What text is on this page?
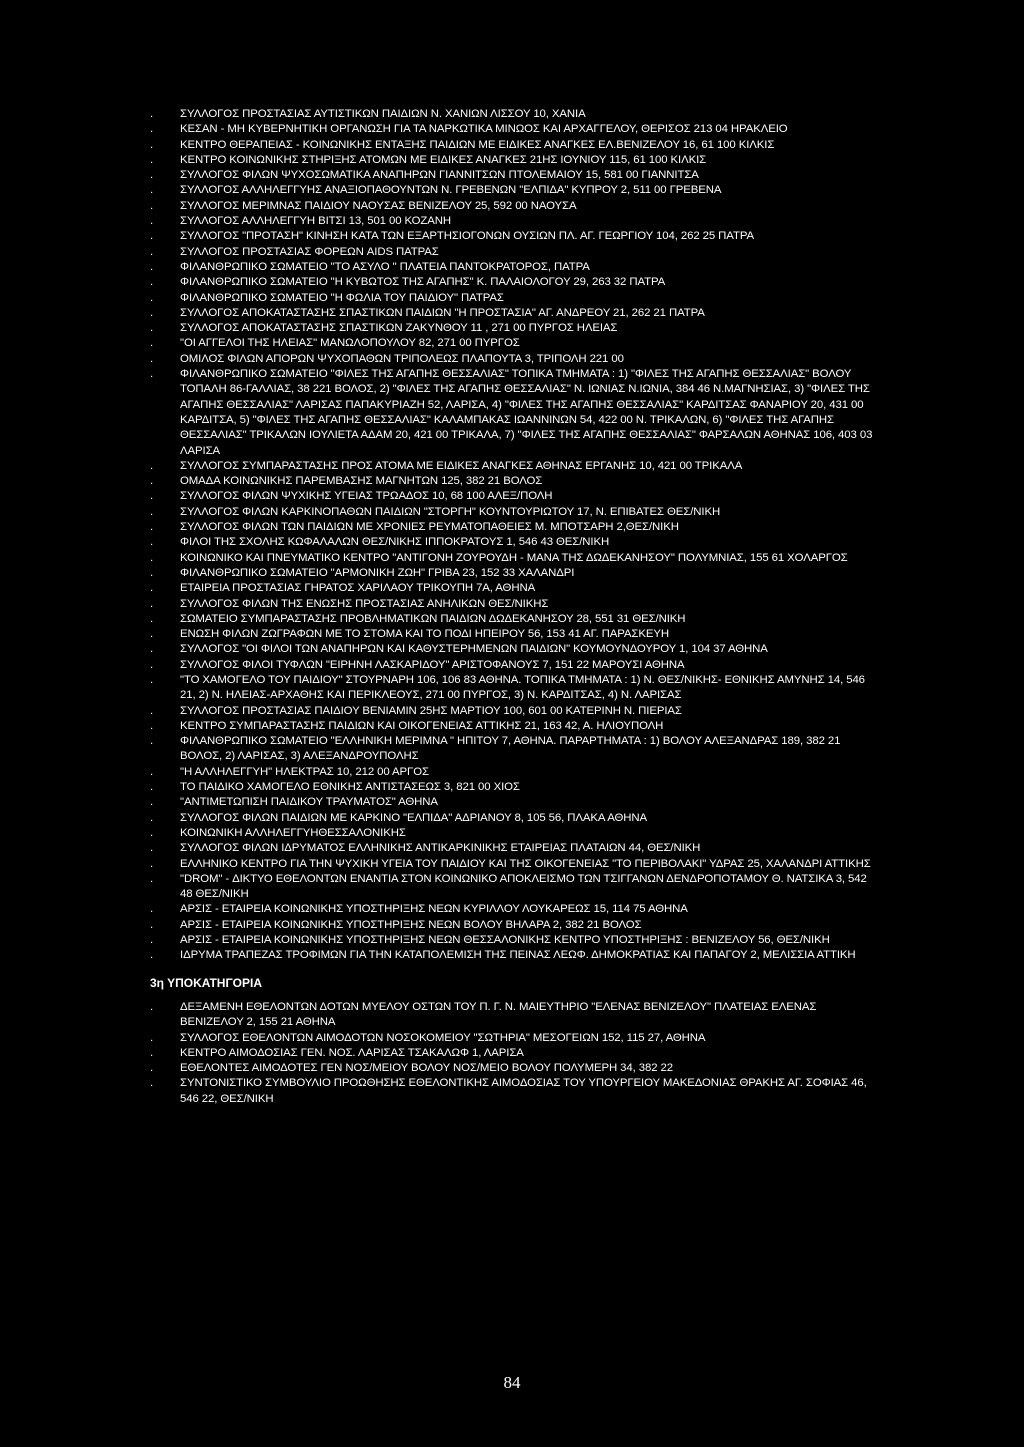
.	ΣΥΛΛΟΓΟΣ ΠΡΟΣΤΑΣΙΑΣ ΑΥΤΙΣΤΙΚΩΝ ΠΑΙΔΙΩΝ Ν. ΧΑΝΙΩΝ ΛΙΣΣΟΥ 10, ΧΑΝΙΑ
.	ΚΕΣΑΝ - ΜΗ ΚΥΒΕΡΝΗΤΙΚΗ ΟΡΓΑΝΩΣΗ ΓΙΑ ΤΑ ΝΑΡΚΩΤΙΚΑ ΜΙΝΩΟΣ ΚΑΙ ΑΡΧΑΓΓΕΛΟΥ, ΘΕΡΙΣΟΣ 213 04 ΗΡΑΚΛΕΙΟ
.	ΚΕΝΤΡΟ ΘΕΡΑΠΕΙΑΣ - ΚΟΙΝΩΝΙΚΗΣ ΕΝΤΑΞΗΣ ΠΑΙΔΙΩΝ ΜΕ ΕΙΔΙΚΕΣ ΑΝΑΓΚΕΣ ΕΛ.ΒΕΝΙΖΕΛΟΥ 16, 61 100 ΚΙΛΚΙΣ
.	ΚΕΝΤΡΟ ΚΟΙΝΩΝΙΚΗΣ ΣΤΗΡΙΞΗΣ ΑΤΟΜΩΝ ΜΕ ΕΙΔΙΚΕΣ ΑΝΑΓΚΕΣ 21ΗΣ ΙΟΥΝΙΟΥ 115, 61 100 ΚΙΛΚΙΣ
.	ΣΥΛΛΟΓΟΣ ΦΙΛΩΝ ΨΥΧΟΣΩΜΑΤΙΚΑ ΑΝΑΠΗΡΩΝ ΓΙΑΝΝΙΤΣΩΝ ΠΤΟΛΕΜΑΙΟΥ 15, 581 00 ΓΙΑΝΝΙΤΣΑ
.	ΣΥΛΛΟΓΟΣ ΑΛΛΗΛΕΓΓΥΗΣ ΑΝΑΞΙΟΠΑΘΟΥΝΤΩΝ Ν. ΓΡΕΒΕΝΩΝ "ΕΛΠΙΔΑ" ΚΥΠΡΟΥ 2, 511 00 ΓΡΕΒΕΝΑ
.	ΣΥΛΛΟΓΟΣ ΜΕΡΙΜΝΑΣ ΠΑΙΔΙΟΥ ΝΑΟΥΣΑΣ ΒΕΝΙΖΕΛΟΥ 25, 592 00 ΝΑΟΥΣΑ
.	ΣΥΛΛΟΓΟΣ ΑΛΛΗΛΕΓΓΥΗ ΒΙΤΣΙ 13, 501 00 ΚΟΖΑΝΗ
.	ΣΥΛΛΟΓΟΣ "ΠΡΟΤΑΣΗ" ΚΙΝΗΣΗ ΚΑΤΑ ΤΩΝ ΕΞΑΡΤΗΣΙΟΓΟΝΩΝ ΟΥΣΙΩΝ ΠΛ. ΑΓ. ΓΕΩΡΓΙΟΥ 104, 262 25 ΠΑΤΡΑ
.	ΣΥΛΛΟΓΟΣ ΠΡΟΣΤΑΣΙΑΣ ΦΟΡΕΩΝ AIDS ΠΑΤΡΑΣ
.	ΦΙΛΑΝΘΡΩΠΙΚΟ ΣΩΜΑΤΕΙΟ "ΤΟ ΑΣΥΛΟ " ΠΛΑΤΕΙΑ ΠΑΝΤΟΚΡΑΤΟΡΟΣ, ΠΑΤΡΑ
.	ΦΙΛΑΝΘΡΩΠΙΚΟ ΣΩΜΑΤΕΙΟ "Η ΚΥΒΩΤΟΣ ΤΗΣ ΑΓΑΠΗΣ" Κ. ΠΑΛΑΙΟΛΟΓΟΥ 29, 263 32 ΠΑΤΡΑ
.	ΦΙΛΑΝΘΡΩΠΙΚΟ ΣΩΜΑΤΕΙΟ "Η ΦΩΛΙΑ ΤΟΥ ΠΑΙΔΙΟΥ" ΠΑΤΡΑΣ
.	ΣΥΛΛΟΓΟΣ ΑΠΟΚΑΤΑΣΤΑΣΗΣ ΣΠΑΣΤΙΚΩΝ ΠΑΙΔΙΩΝ "Η ΠΡΟΣΤΑΣΙΑ" ΑΓ. ΑΝΔΡΕΟΥ 21, 262 21 ΠΑΤΡΑ
.	ΣΥΛΛΟΓΟΣ ΑΠΟΚΑΤΑΣΤΑΣΗΣ ΣΠΑΣΤΙΚΩΝ ΖΑΚΥΝΘΟΥ 11 , 271 00 ΠΥΡΓΟΣ ΗΛΕΙΑΣ
.	"ΟΙ ΑΓΓΕΛΟΙ ΤΗΣ ΗΛΕΙΑΣ" ΜΑΝΩΛΟΠΟΥΛΟΥ 82, 271 00 ΠΥΡΓΟΣ
.	ΟΜΙΛΟΣ ΦΙΛΩΝ ΑΠΟΡΩΝ ΨΥΧΟΠΑΘΩΝ ΤΡΙΠΟΛΕΩΣ ΠΛΑΠΟΥΤΑ 3, ΤΡΙΠΟΛΗ 221 00
.	ΦΙΛΑΝΘΡΩΠΙΚΟ ΣΩΜΑΤΕΙΟ "ΦΙΛΕΣ ΤΗΣ ΑΓΑΠΗΣ ΘΕΣΣΑΛΙΑΣ" ΤΟΠΙΚΑ ΤΜΗΜΑΤΑ : 1) "ΦΙΛΕΣ ΤΗΣ ΑΓΑΠΗΣ ΘΕΣΣΑΛΙΑΣ" ΒΟΛΟΥ ΤΟΠΑΛΗ 86-ΓΑΛΛΙΑΣ, 38 221 ΒΟΛΟΣ, 2) "ΦΙΛΕΣ ΤΗΣ ΑΓΑΠΗΣ ΘΕΣΣΑΛΙΑΣ" Ν. ΙΩΝΙΑΣ Ν.ΙΩΝΙΑ, 384 46 Ν.ΜΑΓΝΗΣΙΑΣ, 3) "ΦΙΛΕΣ ΤΗΣ ΑΓΑΠΗΣ ΘΕΣΣΑΛΙΑΣ" ΛΑΡΙΣΑΣ ΠΑΠΑΚΥΡΙΑΖΗ 52, ΛΑΡΙΣΑ, 4) "ΦΙΛΕΣ ΤΗΣ ΑΓΑΠΗΣ ΘΕΣΣΑΛΙΑΣ" ΚΑΡΔΙΤΣΑΣ ΦΑΝΑΡΙΟΥ 20, 431 00 ΚΑΡΔΙΤΣΑ, 5) "ΦΙΛΕΣ ΤΗΣ ΑΓΑΠΗΣ ΘΕΣΣΑΛΙΑΣ" ΚΑΛΑΜΠΑΚΑΣ ΙΩΑΝΝΙΝΩΝ 54, 422 00 Ν. ΤΡΙΚΑΛΩΝ, 6) "ΦΙΛΕΣ ΤΗΣ ΑΓΑΠΗΣ ΘΕΣΣΑΛΙΑΣ" ΤΡΙΚΑΛΩΝ ΙΟΥΛΙΕΤΑ ΑΔΑΜ 20, 421 00 ΤΡΙΚΑΛΑ, 7) "ΦΙΛΕΣ ΤΗΣ ΑΓΑΠΗΣ ΘΕΣΣΑΛΙΑΣ" ΦΑΡΣΑΛΩΝ ΑΘΗΝΑΣ 106, 403 03 ΛΑΡΙΣΑ
.	ΣΥΛΛΟΓΟΣ ΣΥΜΠΑΡΑΣΤΑΣΗΣ ΠΡΟΣ ΑΤΟΜΑ ΜΕ ΕΙΔΙΚΕΣ ΑΝΑΓΚΕΣ ΑΘΗΝΑΣ ΕΡΓΑΝΗΣ 10, 421 00 ΤΡΙΚΑΛΑ
.	ΟΜΑΔΑ ΚΟΙΝΩΝΙΚΗΣ ΠΑΡΕΜΒΑΣΗΣ ΜΑΓΝΗΤΩΝ 125, 382 21 ΒΟΛΟΣ
.	ΣΥΛΛΟΓΟΣ ΦΙΛΩΝ ΨΥΧΙΚΗΣ ΥΓΕΙΑΣ ΤΡΩΑΔΟΣ 10, 68 100 ΑΛΕΞ/ΠΟΛΗ
.	ΣΥΛΛΟΓΟΣ ΦΙΛΩΝ ΚΑΡΚΙΝΟΠΑΘΩΝ ΠΑΙΔΙΩΝ "ΣΤΟΡΓΗ" ΚΟΥΝΤΟΥΡΙΩΤΟΥ 17, Ν. ΕΠΙΒΑΤΕΣ ΘΕΣ/ΝΙΚΗ
.	ΣΥΛΛΟΓΟΣ ΦΙΛΩΝ ΤΩΝ ΠΑΙΔΙΩΝ ΜΕ ΧΡΟΝΙΕΣ ΡΕΥΜΑΤΟΠΑΘΕΙΕΣ Μ. ΜΠΟΤΣΑΡΗ 2,ΘΕΣ/ΝΙΚΗ
.	ΦΙΛΟΙ ΤΗΣ ΣΧΟΛΗΣ ΚΩΦΑΛΑΛΩΝ ΘΕΣ/ΝΙΚΗΣ ΙΠΠΟΚΡΑΤΟΥΣ 1, 546 43 ΘΕΣ/ΝΙΚΗ
.	ΚΟΙΝΩΝΙΚΟ ΚΑΙ ΠΝΕΥΜΑΤΙΚΟ ΚΕΝΤΡΟ "ΑΝΤΙΓΟΝΗ ΖΟΥΡΟΥΔΗ - ΜΑΝΑ ΤΗΣ ΔΩΔΕΚΑΝΗΣΟΥ" ΠΟΛΥΜΝΙΑΣ, 155 61 ΧΟΛΑΡΓΟΣ
.	ΦΙΛΑΝΘΡΩΠΙΚΟ ΣΩΜΑΤΕΙΟ "ΑΡΜΟΝΙΚΗ ΖΩΗ" ΓΡΙΒΑ 23, 152 33 ΧΑΛΑΝΔΡΙ
.	ΕΤΑΙΡΕΙΑ ΠΡΟΣΤΑΣΙΑΣ ΓΗΡΑΤΟΣ ΧΑΡΙΛΑΟΥ ΤΡΙΚΟΥΠΗ 7Α, ΑΘΗΝΑ
.	ΣΥΛΛΟΓΟΣ ΦΙΛΩΝ ΤΗΣ ΕΝΩΣΗΣ ΠΡΟΣΤΑΣΙΑΣ ΑΝΗΛΙΚΩΝ ΘΕΣ/ΝΙΚΗΣ
.	ΣΩΜΑΤΕΙΟ ΣΥΜΠΑΡΑΣΤΑΣΗΣ ΠΡΟΒΛΗΜΑΤΙΚΩΝ ΠΑΙΔΙΩΝ ΔΩΔΕΚΑΝΗΣΟΥ 28, 551 31 ΘΕΣ/ΝΙΚΗ
.	ΕΝΩΣΗ ΦΙΛΩΝ ΖΩΓΡΑΦΩΝ ΜΕ ΤΟ ΣΤΟΜΑ ΚΑΙ ΤΟ ΠΟΔΙ ΗΠΕΙΡΟΥ 56, 153 41 ΑΓ. ΠΑΡΑΣΚΕΥΗ
.	ΣΥΛΛΟΓΟΣ "ΟΙ ΦΙΛΟΙ ΤΩΝ ΑΝΑΠΗΡΩΝ ΚΑΙ ΚΑΘΥΣΤΕΡΗΜΕΝΩΝ ΠΑΙΔΙΩΝ" ΚΟΥΜΟΥΝΔΟΥΡΟΥ 1, 104 37 ΑΘΗΝΑ
.	ΣΥΛΛΟΓΟΣ ΦΙΛΟΙ ΤΥΦΛΩΝ "ΕΙΡΗΝΗ ΛΑΣΚΑΡΙΔΟΥ" ΑΡΙΣΤΟΦΑΝΟΥΣ 7, 151 22 ΜΑΡΟΥΣΙ ΑΘΗΝΑ
.	"ΤΟ ΧΑΜΟΓΕΛΟ ΤΟΥ ΠΑΙΔΙΟΥ" ΣΤΟΥΡΝΑΡΗ 106, 106 83 ΑΘΗΝΑ. ΤΟΠΙΚΑ ΤΜΗΜΑΤΑ : 1) Ν. ΘΕΣ/ΝΙΚΗΣ- ΕΘΝΙΚΗΣ ΑΜΥΝΗΣ 14, 546 21, 2) Ν. ΗΛΕΙΑΣ-ΑΡΧΑΘΗΣ ΚΑΙ ΠΕΡΙΚΛΕΟΥΣ, 271 00 ΠΥΡΓΟΣ, 3) Ν. ΚΑΡΔΙΤΣΑΣ, 4) Ν. ΛΑΡΙΣΑΣ
.	ΣΥΛΛΟΓΟΣ ΠΡΟΣΤΑΣΙΑΣ ΠΑΙΔΙΟΥ ΒΕΝΙΑΜΙΝ 25ΗΣ ΜΑΡΤΙΟΥ 100, 601 00 ΚΑΤΕΡΙΝΗ Ν. ΠΙΕΡΙΑΣ
.	ΚΕΝΤΡΟ ΣΥΜΠΑΡΑΣΤΑΣΗΣ ΠΑΙΔΙΩΝ ΚΑΙ ΟΙΚΟΓΕΝΕΙΑΣ ΑΤΤΙΚΗΣ 21, 163 42, Α. ΗΛΙΟΥΠΟΛΗ
.	ΦΙΛΑΝΘΡΩΠΙΚΟ ΣΩΜΑΤΕΙΟ "ΕΛΛΗΝΙΚΗ ΜΕΡΙΜΝΑ " ΗΠΙΤΟΥ 7, ΑΘΗΝΑ. ΠΑΡΑΡΤΗΜΑΤΑ : 1) ΒΟΛΟΥ ΑΛΕΞΑΝΔΡΑΣ 189, 382 21 ΒΟΛΟΣ, 2) ΛΑΡΙΣΑΣ, 3) ΑΛΕΞΑΝΔΡΟΥΠΟΛΗΣ
.	"Η ΑΛΛΗΛΕΓΓΥΗ" ΗΛΕΚΤΡΑΣ 10, 212 00 ΑΡΓΟΣ
.	ΤΟ ΠΑΙΔΙΚΟ ΧΑΜΟΓΕΛΟ ΕΘΝΙΚΗΣ ΑΝΤΙΣΤΑΣΕΩΣ 3, 821 00 ΧΙΟΣ
.	"ΑΝΤΙΜΕΤΩΠΙΣΗ ΠΑΙΔΙΚΟΥ ΤΡΑΥΜΑΤΟΣ" ΑΘΗΝΑ
.	ΣΥΛΛΟΓΟΣ ΦΙΛΩΝ ΠΑΙΔΙΩΝ ΜΕ ΚΑΡΚΙΝΟ "ΕΛΠΙΔΑ" ΑΔΡΙΑΝΟΥ 8, 105 56, ΠΛΑΚΑ ΑΘΗΝΑ
.	ΚΟΙΝΩΝΙΚΗ ΑΛΛΗΛΕΓΓΥΗΘΕΣΣΑΛΟΝΙΚΗΣ
.	ΣΥΛΛΟΓΟΣ ΦΙΛΩΝ ΙΔΡΥΜΑΤΟΣ ΕΛΛΗΝΙΚΗΣ ΑΝΤΙΚΑΡΚΙΝΙΚΗΣ ΕΤΑΙΡΕΙΑΣ ΠΛΑΤΑΙΩΝ 44, ΘΕΣ/ΝΙΚΗ
.	ΕΛΛΗΝΙΚΟ ΚΕΝΤΡΟ ΓΙΑ ΤΗΝ ΨΥΧΙΚΗ ΥΓΕΙΑ ΤΟΥ ΠΑΙΔΙΟΥ ΚΑΙ ΤΗΣ ΟΙΚΟΓΕΝΕΙΑΣ "ΤΟ ΠΕΡΙΒΟΛΑΚΙ" ΥΔΡΑΣ 25, ΧΑΛΑΝΔΡΙ ΑΤΤΙΚΗΣ
.	"DROM" - ΔΙΚΤΥΟ ΕΘΕΛΟΝΤΩΝ ΕΝΑΝΤΙΑ ΣΤΟΝ ΚΟΙΝΩΝΙΚΟ ΑΠΟΚΛΕΙΣΜΟ ΤΩΝ ΤΣΙΓΓΑΝΩΝ ΔΕΝΔΡΟΠΟΤΑΜΟΥ Θ. ΝΑΤΣΙΚΑ 3, 542 48 ΘΕΣ/ΝΙΚΗ
.	ΑΡΣΙΣ - ΕΤΑΙΡΕΙΑ ΚΟΙΝΩΝΙΚΗΣ ΥΠΟΣΤΗΡΙΞΗΣ ΝΕΩΝ ΚΥΡΙΛΛΟΥ ΛΟΥΚΑΡΕΩΣ 15, 114 75 ΑΘΗΝΑ
.	ΑΡΣΙΣ - ΕΤΑΙΡΕΙΑ ΚΟΙΝΩΝΙΚΗΣ ΥΠΟΣΤΗΡΙΞΗΣ ΝΕΩΝ ΒΟΛΟΥ ΒΗΛΑΡΑ 2, 382 21 ΒΟΛΟΣ
.	ΑΡΣΙΣ - ΕΤΑΙΡΕΙΑ ΚΟΙΝΩΝΙΚΗΣ ΥΠΟΣΤΗΡΙΞΗΣ ΝΕΩΝ ΘΕΣΣΑΛΟΝΙΚΗΣ ΚΕΝΤΡΟ ΥΠΟΣΤΗΡΙΞΗΣ : ΒΕΝΙΖΕΛΟΥ 56, ΘΕΣ/ΝΙΚΗ
.	ΙΔΡΥΜΑ ΤΡΑΠΕΖΑΣ ΤΡΟΦΙΜΩΝ ΓΙΑ ΤΗΝ ΚΑΤΑΠΟΛΕΜΙΣΗ ΤΗΣ ΠΕΙΝΑΣ ΛΕΩΦ. ΔΗΜΟΚΡΑΤΙΑΣ ΚΑΙ ΠΑΠΑΓΟΥ 2, ΜΕΛΙΣΣΙΑ ΑΤΤΙΚΗ
3η ΥΠΟΚΑΤΗΓΟΡΙΑ
.	ΔΕΞΑΜΕΝΗ ΕΘΕΛΟΝΤΩΝ ΔΟΤΩΝ ΜΥΕΛΟΥ ΟΣΤΩΝ ΤΟΥ Π. Γ. Ν. ΜΑΙΕΥΤΗΡΙΟ "ΕΛΕΝΑΣ ΒΕΝΙΖΕΛΟΥ" ΠΛΑΤΕΙΑΣ ΕΛΕΝΑΣ ΒΕΝΙΖΕΛΟΥ 2, 155 21 ΑΘΗΝΑ
.	ΣΥΛΛΟΓΟΣ ΕΘΕΛΟΝΤΩΝ ΑΙΜΟΔΟΤΩΝ ΝΟΣΟΚΟΜΕΙΟΥ "ΣΩΤΗΡΙΑ" ΜΕΣΟΓΕΙΩΝ 152, 115 27, ΑΘΗΝΑ
.	ΚΕΝΤΡΟ ΑΙΜΟΔΟΣΙΑΣ ΓΕΝ. ΝΟΣ. ΛΑΡΙΣΑΣ ΤΣΑΚΑΛΩΦ 1, ΛΑΡΙΣΑ
.	ΕΘΕΛΟΝΤΕΣ ΑΙΜΟΔΟΤΕΣ ΓΕΝ ΝΟΣ/ΜΕΙΟΥ ΒΟΛΟΥ ΝΟΣ/ΜΕΙΟ ΒΟΛΟΥ ΠΟΛΥΜΕΡΗ 34, 382 22
.	ΣΥΝΤΟΝΙΣΤΙΚΟ ΣΥΜΒΟΥΛΙΟ ΠΡΟΩΘΗΣΗΣ ΕΘΕΛΟΝΤΙΚΗΣ ΑΙΜΟΔΟΣΙΑΣ ΤΟΥ ΥΠΟΥΡΓΕΙΟΥ ΜΑΚΕΔΟΝΙΑΣ ΘΡΑΚΗΣ ΑΓ. ΣΟΦΙΑΣ 46, 546 22, ΘΕΣ/ΝΙΚΗ
84
